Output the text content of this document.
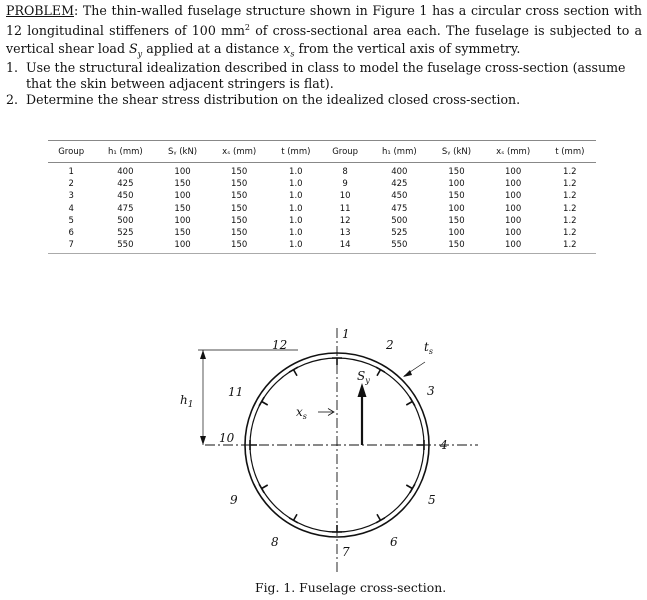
PROBLEM: The thin-walled fuselage structure shown in Figure 1 has a circular cross section with 12 longitudinal stiffeners of 100 $mm^2$ of cross-sectional area each. The fuselage is subjected to a vertical shear load $S_y$ applied at a distance $x_s$ from the vertical axis of symmetry.

1. Use the structural idealization described in class to model the fuselage cross-section (assume that the skin between adjacent stringers is flat).
2. Determine the shear stress distribution on the idealized closed cross-section.
Group	h₁ (mm)	Sᵧ (kN)	xₛ (mm)	t (mm)	Group	h₁ (mm)	Sᵧ (kN)	xₛ (mm)	t (mm)
1	400	100	150	1.0	8	400	150	100	1.2
2	425	150	150	1.0	9	425	100	100	1.2
3	450	100	150	1.0	10	450	150	100	1.2
4	475	150	150	1.0	11	475	100	100	1.2
5	500	100	150	1.0	12	500	150	100	1.2
6	525	150	150	1.0	13	525	100	100	1.2
7	550	100	150	1.0	14	550	150	100	1.2
$h_1$
$S_y$
$x_s$
$t_s$
1
2
3
4
5
6
7
8
9
10
11
12
Fig. 1. Fuselage cross-section.
